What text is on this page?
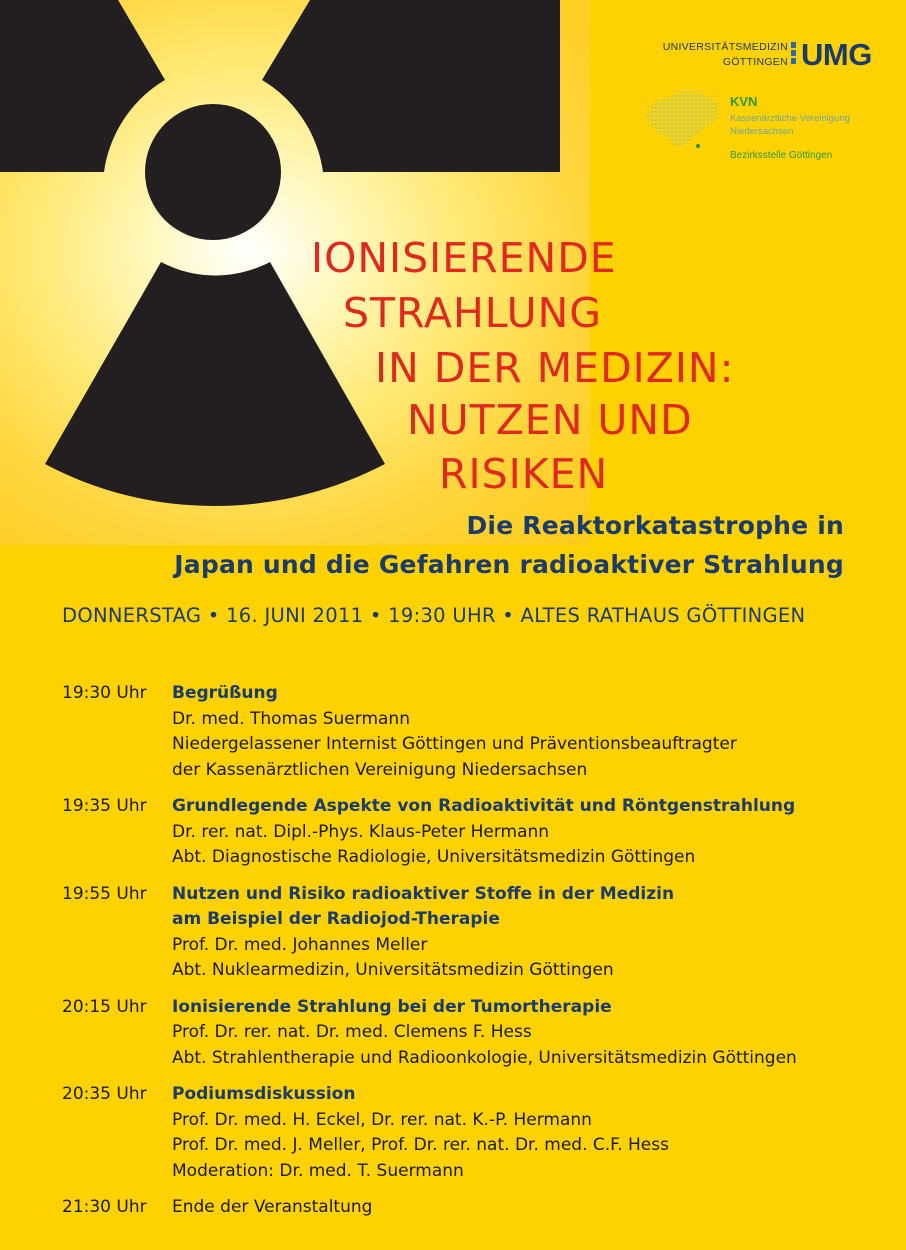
UNIVERSITÄTSMEDIZIN
GÖTTINGEN UMG
KVN
Kassenärztliche Vereinigung
Niedersachsen
Bezirksstelle Göttingen
IONISIERENDE
STRAHLUNG
IN DER MEDIZIN:
NUTZEN UND
RISIKEN
Die Reaktorkatastrophe in
Japan und die Gefahren radioaktiver Strahlung
DONNERSTAG • 16. JUNI 2011 • 19:30 UHR • ALTES RATHAUS GÖTTINGEN
19:30 Uhr	Begrüßung
Dr. med. Thomas Suermann
Niedergelassener Internist Göttingen und Präventionsbeauftragter
der Kassenärztlichen Vereinigung Niedersachsen
19:35 Uhr	Grundlegende Aspekte von Radioaktivität und Röntgenstrahlung
Dr. rer. nat. Dipl.-Phys. Klaus-Peter Hermann
Abt. Diagnostische Radiologie, Universitätsmedizin Göttingen
19:55 Uhr	Nutzen und Risiko radioaktiver Stoffe in der Medizin
am Beispiel der Radiojod-Therapie
Prof. Dr. med. Johannes Meller
Abt. Nuklearmedizin, Universitätsmedizin Göttingen
20:15 Uhr	Ionisierende Strahlung bei der Tumortherapie
Prof. Dr. rer. nat. Dr. med. Clemens F. Hess
Abt. Strahlentherapie und Radioonkologie, Universitätsmedizin Göttingen
20:35 Uhr	Podiumsdiskussion
Prof. Dr. med. H. Eckel, Dr. rer. nat. K.-P. Hermann
Prof. Dr. med. J. Meller, Prof. Dr. rer. nat. Dr. med. C.F. Hess
Moderation: Dr. med. T. Suermann
21:30 Uhr	Ende der Veranstaltung
